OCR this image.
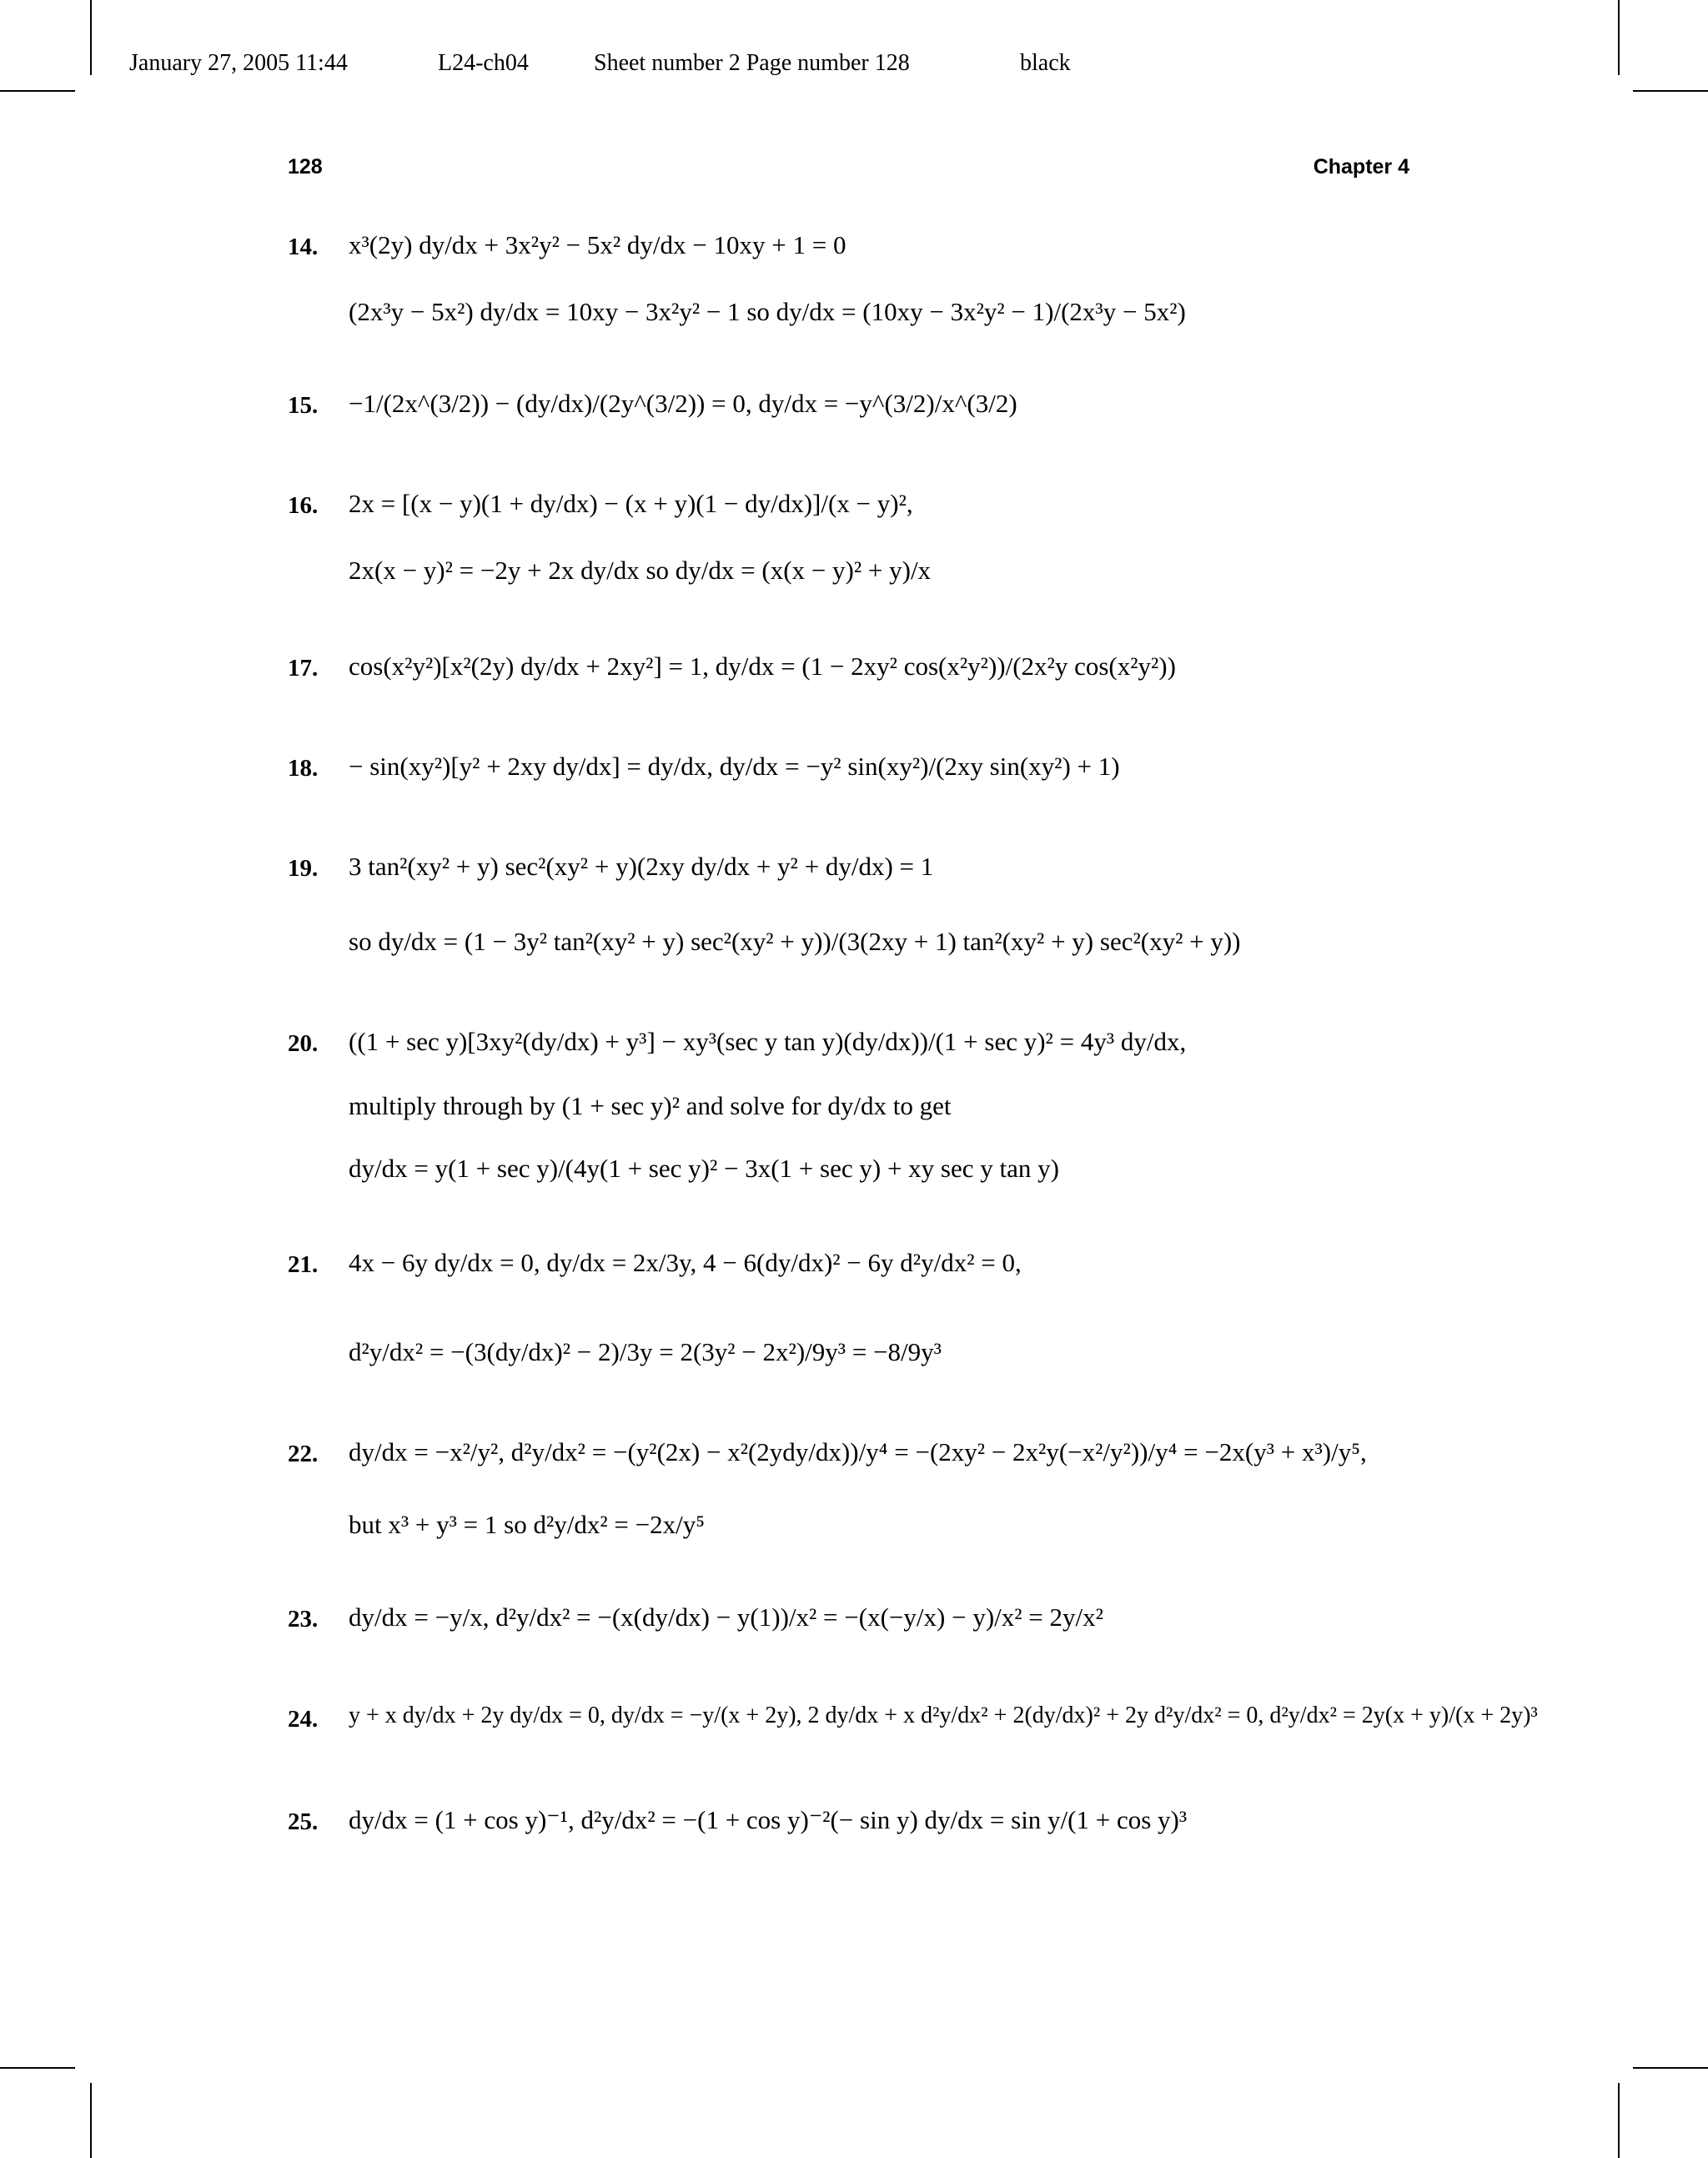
January 27, 2005 11:44	L24-ch04	Sheet number 2 Page number 128	black
128	Chapter 4
14.
15.
16.
17.
18.
19.
20.
21.
22.
23.
24.
25.
x³(2y) dy/dx + 3x²y² − 5x² dy/dx − 10xy + 1 = 0
(2x³y − 5x²) dy/dx = 10xy − 3x²y² − 1 so dy/dx = (10xy − 3x²y² − 1)/(2x³y − 5x²)
−1/(2x^(3/2)) − (dy/dx)/(2y^(3/2)) = 0, dy/dx = −y^(3/2)/x^(3/2)
2x = [(x − y)(1 + dy/dx) − (x + y)(1 − dy/dx)]/(x − y)²,
2x(x − y)² = −2y + 2x dy/dx so dy/dx = (x(x − y)² + y)/x
cos(x²y²)[x²(2y) dy/dx + 2xy²] = 1, dy/dx = (1 − 2xy² cos(x²y²))/(2x²y cos(x²y²))
− sin(xy²)[y² + 2xy dy/dx] = dy/dx, dy/dx = −y² sin(xy²)/(2xy sin(xy²) + 1)
3 tan²(xy² + y) sec²(xy² + y)(2xy dy/dx + y² + dy/dx) = 1
so dy/dx = (1 − 3y² tan²(xy² + y) sec²(xy² + y))/(3(2xy + 1) tan²(xy² + y) sec²(xy² + y))
((1 + sec y)[3xy²(dy/dx) + y³] − xy³(sec y tan y)(dy/dx))/(1 + sec y)² = 4y³ dy/dx,
multiply through by (1 + sec y)² and solve for dy/dx to get
dy/dx = y(1 + sec y)/(4y(1 + sec y)² − 3x(1 + sec y) + xy sec y tan y)
4x − 6y dy/dx = 0, dy/dx = 2x/3y, 4 − 6(dy/dx)² − 6y d²y/dx² = 0,
d²y/dx² = −(3(dy/dx)² − 2)/3y = 2(3y² − 2x²)/9y³ = −8/9y³
dy/dx = −x²/y², d²y/dx² = −(y²(2x) − x²(2ydy/dx))/y⁴ = −(2xy² − 2x²y(−x²/y²))/y⁴ = −2x(y³ + x³)/y⁵,
but x³ + y³ = 1 so d²y/dx² = −2x/y⁵
dy/dx = −y/x, d²y/dx² = −(x(dy/dx) − y(1))/x² = −(x(−y/x) − y)/x² = 2y/x²
y + x dy/dx + 2y dy/dx = 0, dy/dx = −y/(x + 2y), 2 dy/dx + x d²y/dx² + 2(dy/dx)² + 2y d²y/dx² = 0, d²y/dx² = 2y(x + y)/(x + 2y)³
dy/dx = (1 + cos y)⁻¹, d²y/dx² = −(1 + cos y)⁻²(− sin y) dy/dx = sin y/(1 + cos y)³
